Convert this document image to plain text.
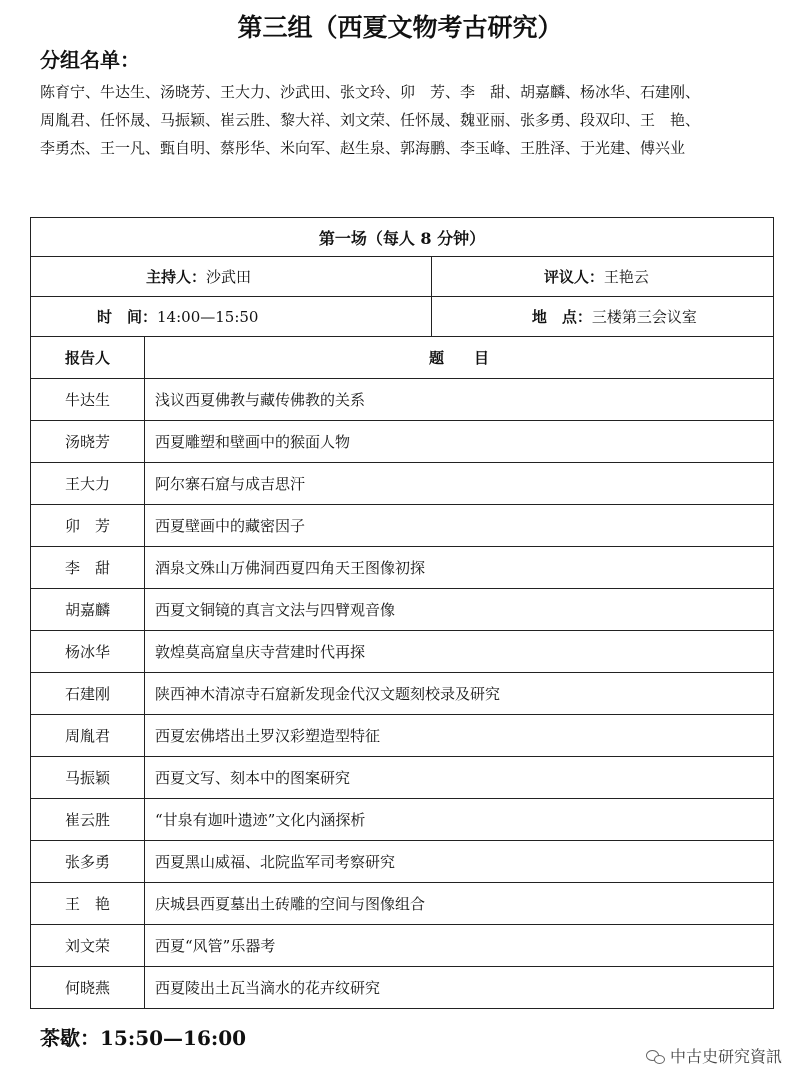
第三组（西夏文物考古研究）
分组名单：
陈育宁、牛达生、汤晓芳、王大力、沙武田、张文玲、卯　芳、李　甜、胡嘉麟、杨冰华、石建刚、
周胤君、任怀晟、马振颖、崔云胜、黎大祥、刘文荣、任怀晟、魏亚丽、张多勇、段双印、王　艳、
李勇杰、王一凡、甄自明、蔡彤华、米向军、赵生泉、郭海鹏、李玉峰、王胜泽、于光建、傅兴业
第一场（每人 8 分钟）		
主持人：沙武田		评议人：王艳云
时　间：14:00—15:50		地　点：三楼第三会议室
报告人	题　　目	
牛达生	浅议西夏佛教与藏传佛教的关系	
汤晓芳	西夏雕塑和壁画中的猴面人物	
王大力	阿尔寨石窟与成吉思汗	
卯　芳	西夏壁画中的藏密因子	
李　甜	酒泉文殊山万佛洞西夏四角天王图像初探	
胡嘉麟	西夏文铜镜的真言文法与四臂观音像	
杨冰华	敦煌莫高窟皇庆寺营建时代再探	
石建刚	陕西神木清凉寺石窟新发现金代汉文题刻校录及研究	
周胤君	西夏宏佛塔出土罗汉彩塑造型特征	
马振颖	西夏文写、刻本中的图案研究	
崔云胜	“甘泉有迦叶遗迹”文化内涵探析	
张多勇	西夏黑山威福、北院监军司考察研究	
王　艳	庆城县西夏墓出土砖雕的空间与图像组合	
刘文荣	西夏“风管”乐器考	
何晓燕	西夏陵出土瓦当滴水的花卉纹研究	
茶歇：15:50—16:00
中古史研究資訊
